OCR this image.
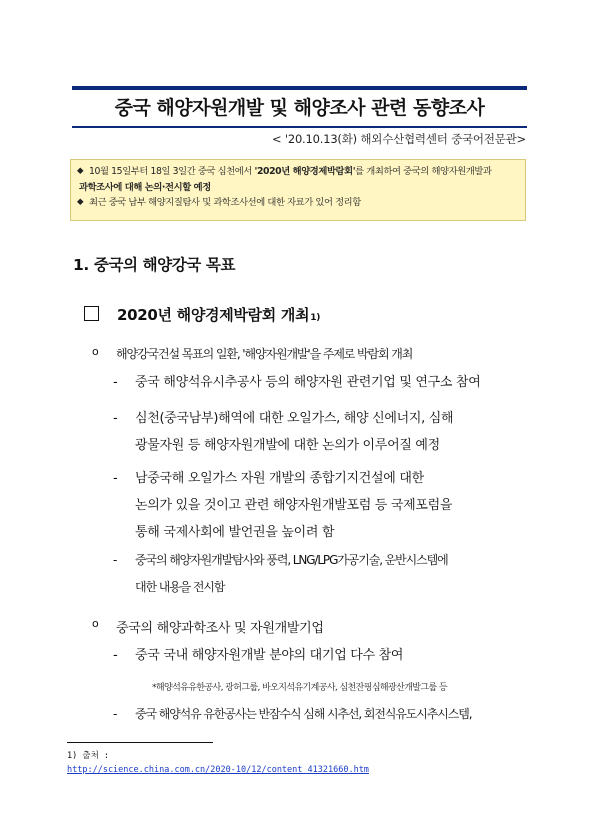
중국 해양자원개발 및 해양조사 관련 동향조사
< '20.10.13(화) 해외수산협력센터 중국어전문관>
◆ 10월 15일부터 18일 3일간 중국 심천에서 '2020년 해양경제박람회'를 개최하여 중국의 해양자원개발과
과학조사에 대해 논의·전시할 예정
◆ 최근 중국 남부 해양지질탐사 및 과학조사선에 대한 자료가 있어 정리함
1. 중국의 해양강국 목표
2020년 해양경제박람회 개최 1)
o	해양강국건설 목표의 일환, '해양자원개발'을 주제로 박람회 개최
- 중국 해양석유시추공사 등의 해양자원 관련기업 및 연구소 참여
- 심천(중국남부)해역에 대한 오일가스, 해양 신에너지, 심해
광물자원 등 해양자원개발에 대한 논의가 이루어질 예정
- 남중국해 오일가스 자원 개발의 종합기지건설에 대한
논의가 있을 것이고 관련 해양자원개발포럼 등 국제포럼을
통해 국제사회에 발언권을 높이려 함
- 중국의 해양자원개발탐사와 풍력, LNG/LPG가공기술, 운반시스템에
대한 내용을 전시함
o	중국의 해양과학조사 및 자원개발기업
- 중국 국내 해양자원개발 분야의 대기업 다수 참여
*해양석유유한공사, 광허그룹, 바오지석유기계공사, 심천잔핑심해광산개발그룹 등
- 중국 해양석유 유한공사는 반잠수식 심해 시추선, 회전식유도시추시스템,
1) 출처 :
http://science.china.com.cn/2020-10/12/content_41321660.htm
